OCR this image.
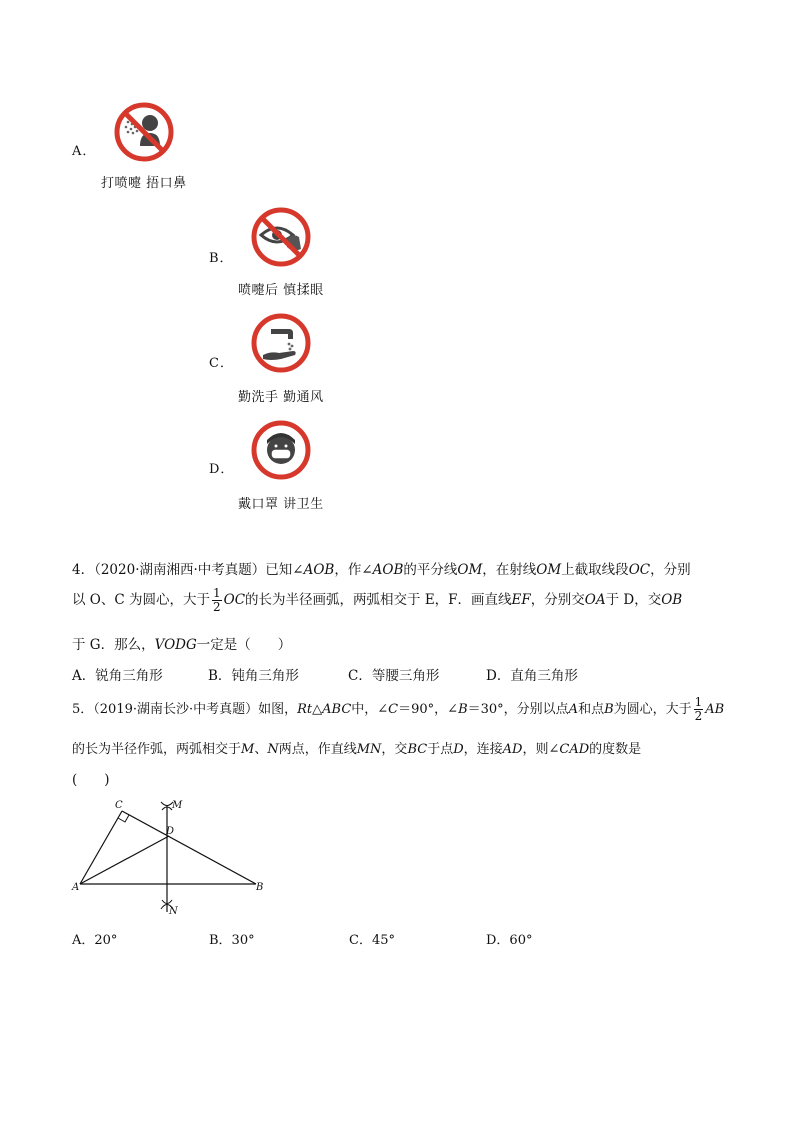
A．
打喷嚏 捂口鼻
B．
喷嚏后 慎揉眼
C．
勤洗手 勤通风
D．
戴口罩 讲卫生
4．（2020·湖南湘西·中考真题）已知∠AOB，作∠AOB的平分线OM，在射线OM上截取线段OC，分别
以 O、C 为圆心，大于 $\frac{1}{2}$ OC的长为半径画弧，两弧相交于 E，F．画直线EF，分别交OA于 D，交OB
于 G．那么，VODG一定是（　　）
A．锐角三角形	B．钝角三角形	C．等腰三角形	D．直角三角形
5．（2019·湖南长沙·中考真题）如图，Rt△ABC中，∠C＝90°，∠B＝30°，分别以点A和点B为圆心，大于 $\frac{1}{2}$ AB
的长为半径作弧，两弧相交于M、N两点，作直线MN，交BC于点D，连接AD，则∠CAD的度数是
(　　)
C	M
D
A	B
N
A．20°	B．30°	C．45°	D．60°
